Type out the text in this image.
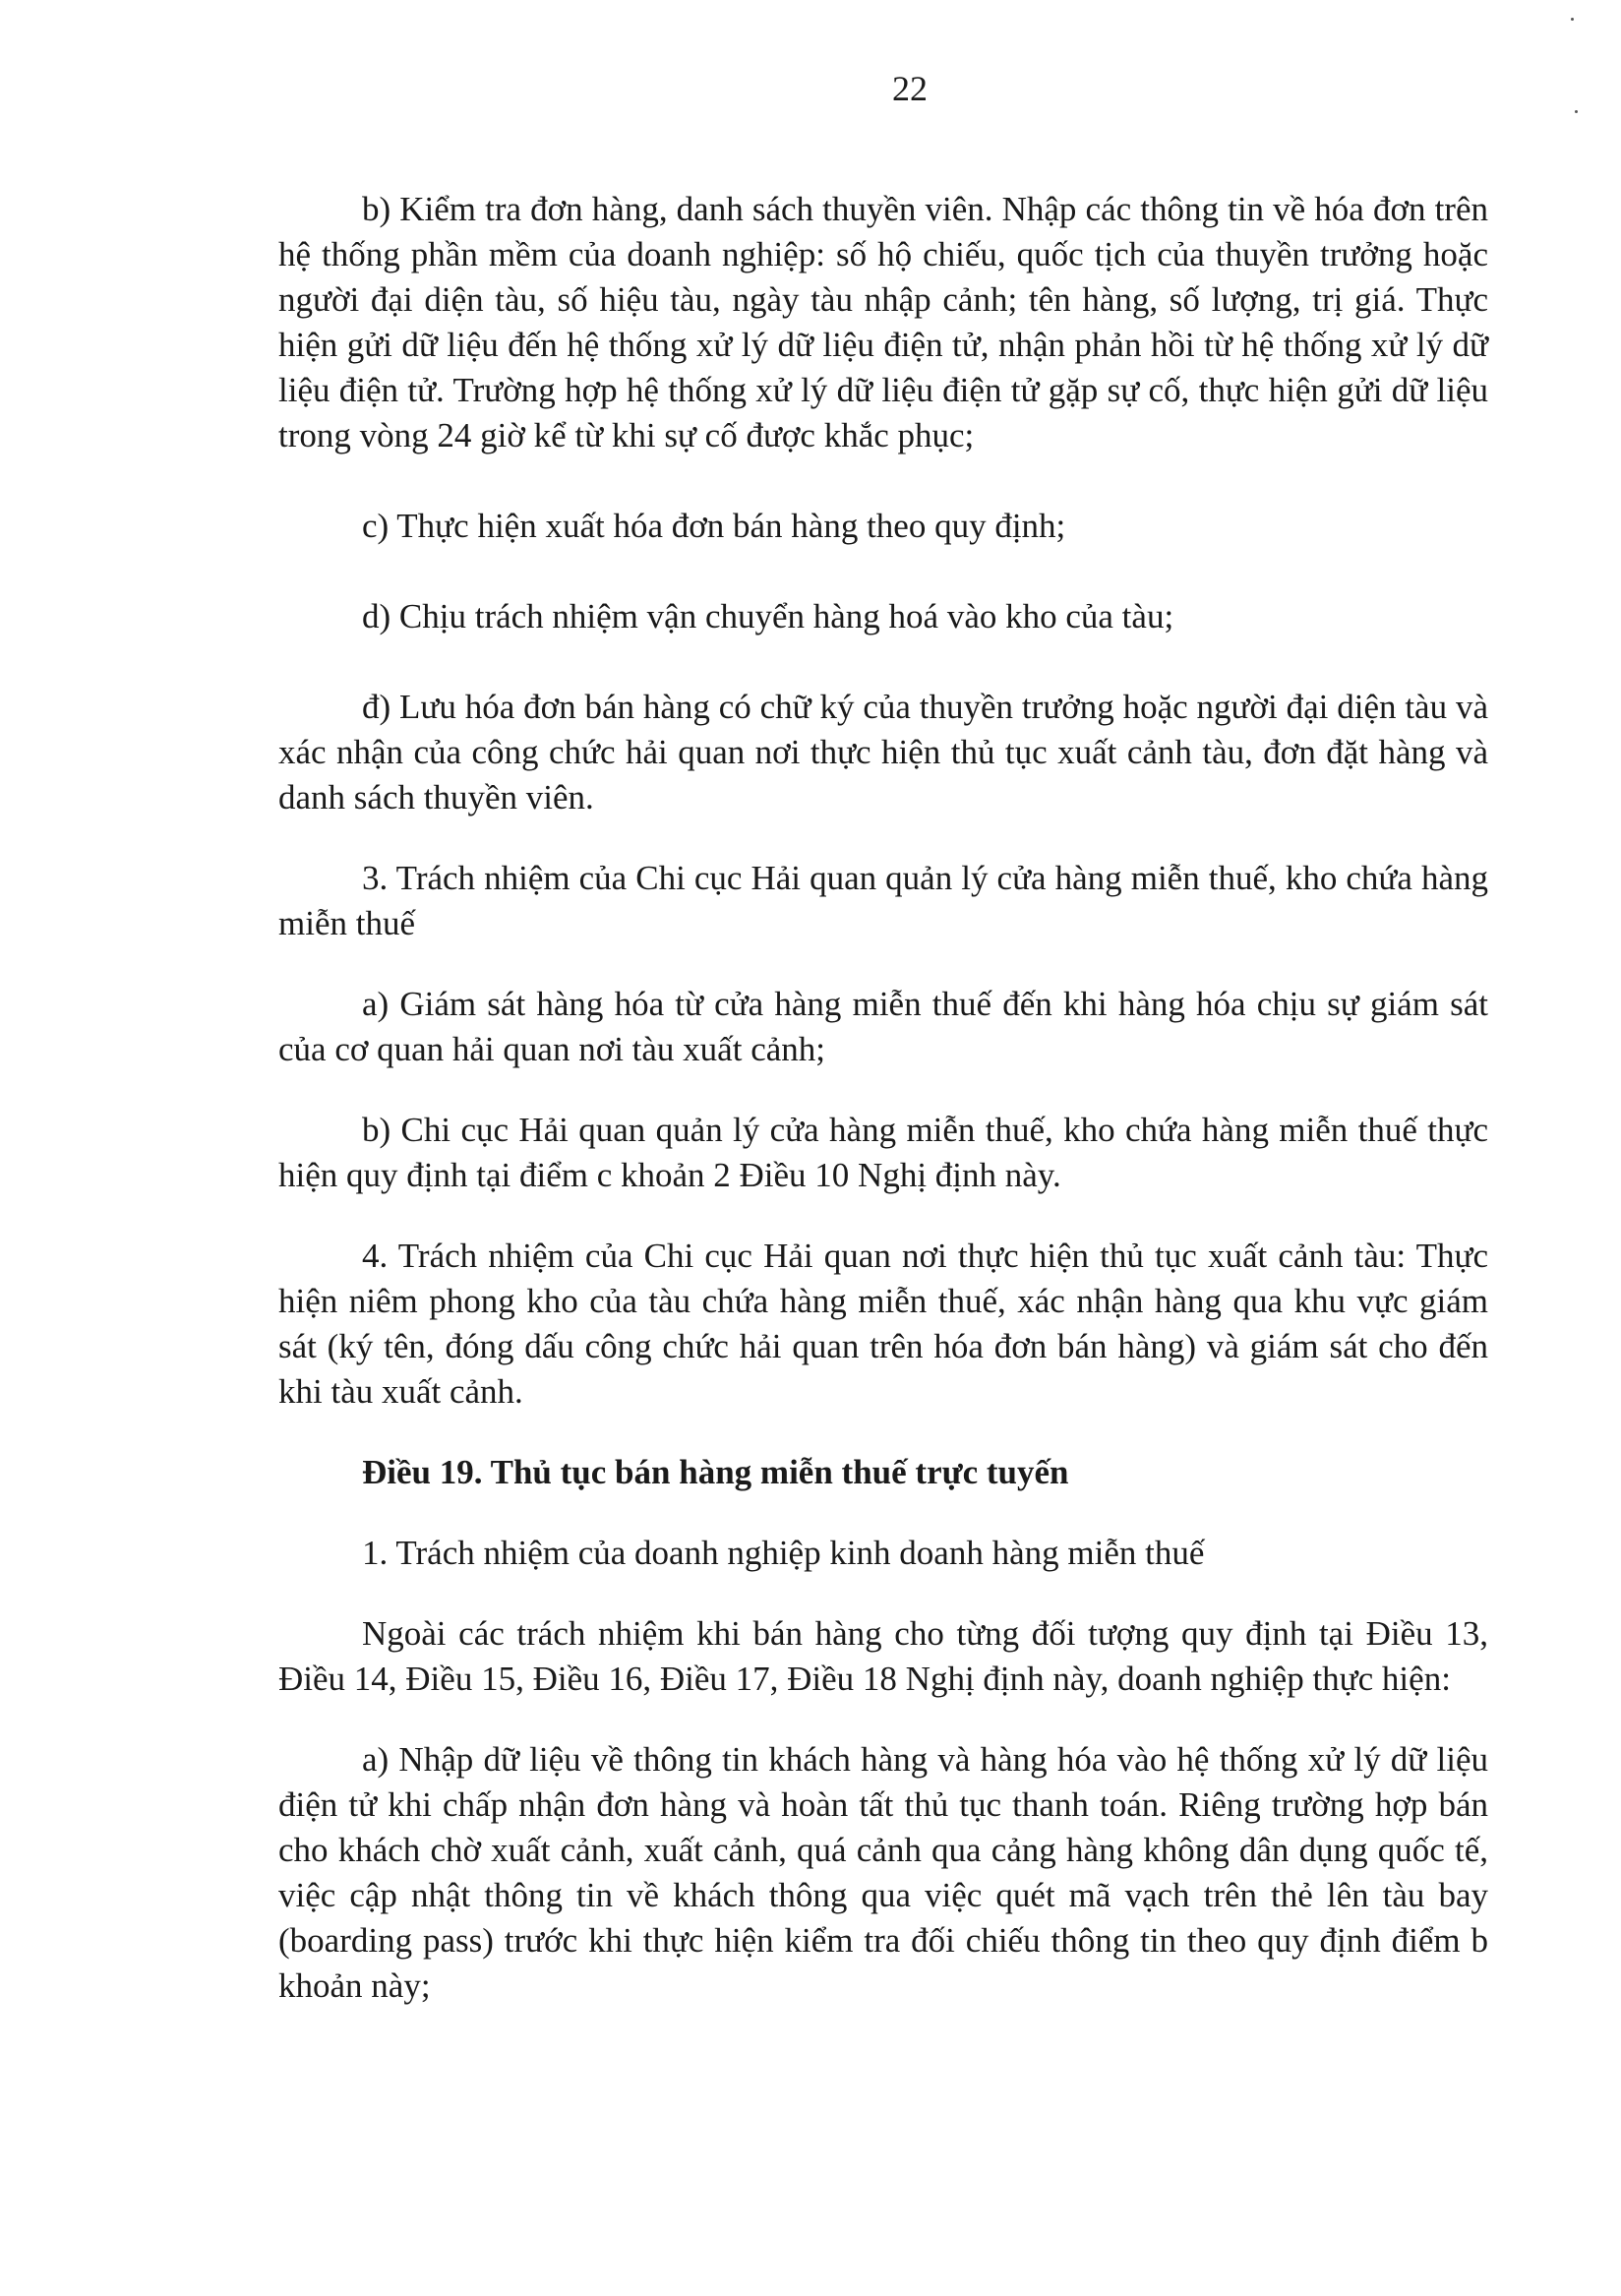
22

b) Kiểm tra đơn hàng, danh sách thuyền viên. Nhập các thông tin về hóa đơn trên hệ thống phần mềm của doanh nghiệp: số hộ chiếu, quốc tịch của thuyền trưởng hoặc người đại diện tàu, số hiệu tàu, ngày tàu nhập cảnh; tên hàng, số lượng, trị giá. Thực hiện gửi dữ liệu đến hệ thống xử lý dữ liệu điện tử, nhận phản hồi từ hệ thống xử lý dữ liệu điện tử. Trường hợp hệ thống xử lý dữ liệu điện tử gặp sự cố, thực hiện gửi dữ liệu trong vòng 24 giờ kể từ khi sự cố được khắc phục;

c) Thực hiện xuất hóa đơn bán hàng theo quy định;

d) Chịu trách nhiệm vận chuyển hàng hoá vào kho của tàu;

đ) Lưu hóa đơn bán hàng có chữ ký của thuyền trưởng hoặc người đại diện tàu và xác nhận của công chức hải quan nơi thực hiện thủ tục xuất cảnh tàu, đơn đặt hàng và danh sách thuyền viên.

3. Trách nhiệm của Chi cục Hải quan quản lý cửa hàng miễn thuế, kho chứa hàng miễn thuế

a) Giám sát hàng hóa từ cửa hàng miễn thuế đến khi hàng hóa chịu sự giám sát của cơ quan hải quan nơi tàu xuất cảnh;

b) Chi cục Hải quan quản lý cửa hàng miễn thuế, kho chứa hàng miễn thuế thực hiện quy định tại điểm c khoản 2 Điều 10 Nghị định này.

4. Trách nhiệm của Chi cục Hải quan nơi thực hiện thủ tục xuất cảnh tàu: Thực hiện niêm phong kho của tàu chứa hàng miễn thuế, xác nhận hàng qua khu vực giám sát (ký tên, đóng dấu công chức hải quan trên hóa đơn bán hàng) và giám sát cho đến khi tàu xuất cảnh.

Điều 19. Thủ tục bán hàng miễn thuế trực tuyến

1. Trách nhiệm của doanh nghiệp kinh doanh hàng miễn thuế

Ngoài các trách nhiệm khi bán hàng cho từng đối tượng quy định tại Điều 13, Điều 14, Điều 15, Điều 16, Điều 17, Điều 18 Nghị định này, doanh nghiệp thực hiện:

a) Nhập dữ liệu về thông tin khách hàng và hàng hóa vào hệ thống xử lý dữ liệu điện tử khi chấp nhận đơn hàng và hoàn tất thủ tục thanh toán. Riêng trường hợp bán cho khách chờ xuất cảnh, xuất cảnh, quá cảnh qua cảng hàng không dân dụng quốc tế, việc cập nhật thông tin về khách thông qua việc quét mã vạch trên thẻ lên tàu bay (boarding pass) trước khi thực hiện kiểm tra đối chiếu thông tin theo quy định điểm b khoản này;
